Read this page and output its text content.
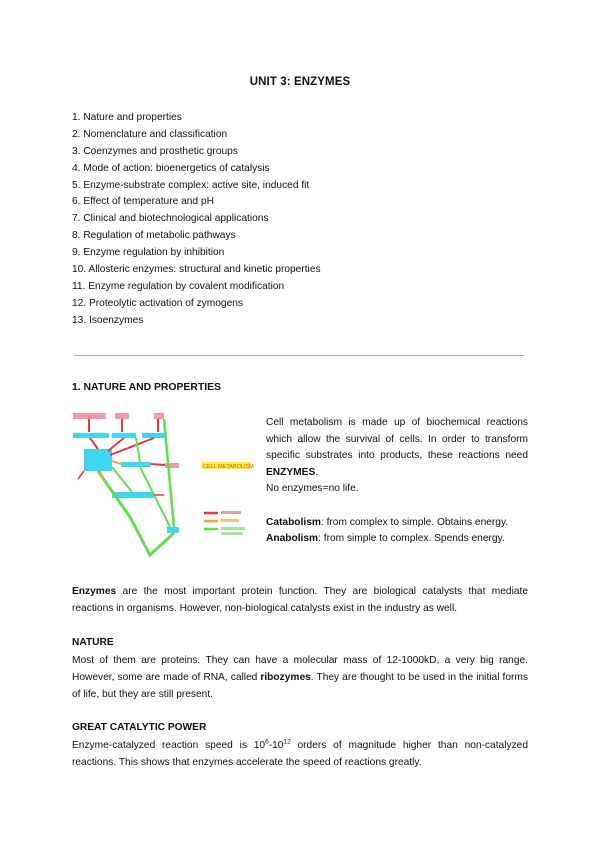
UNIT 3: ENZYMES
1. Nature and properties
2. Nomenclature and classification
3. Coenzymes and prosthetic groups
4. Mode of action: bioenergetics of catalysis
5. Enzyme-substrate complex: active site, induced fit
6. Effect of temperature and pH
7. Clinical and biotechnological applications
8. Regulation of metabolic pathways
9. Enzyme regulation by inhibition
10. Allosteric enzymes: structural and kinetic properties
11. Enzyme regulation by covalent modification
12. Proteolytic activation of zymogens
13. Isoenzymes
1. NATURE AND PROPERTIES
CELL METABOLISM

Cell metabolism is made up of biochemical reactions which allow the survival of cells. In order to transform specific substrates into products, these reactions need ENZYMES.

No enzymes=no life.

Catabolism: from complex to simple. Obtains energy.

Anabolism: from simple to complex. Spends energy.

Enzymes are the most important protein function. They are biological catalysts that mediate reactions in organisms. However, non-biological catalysts exist in the industry as well.

NATURE

Most of them are proteins. They can have a molecular mass of 12-1000kD, a very big range. However, some are made of RNA, called ribozymes. They are thought to be used in the initial forms of life, but they are still present.

GREAT CATALYTIC POWER

Enzyme-catalyzed reaction speed is $10^6-10^{12}$ orders of magnitude higher than non-catalyzed reactions. This shows that enzymes accelerate the speed of reactions greatly.
